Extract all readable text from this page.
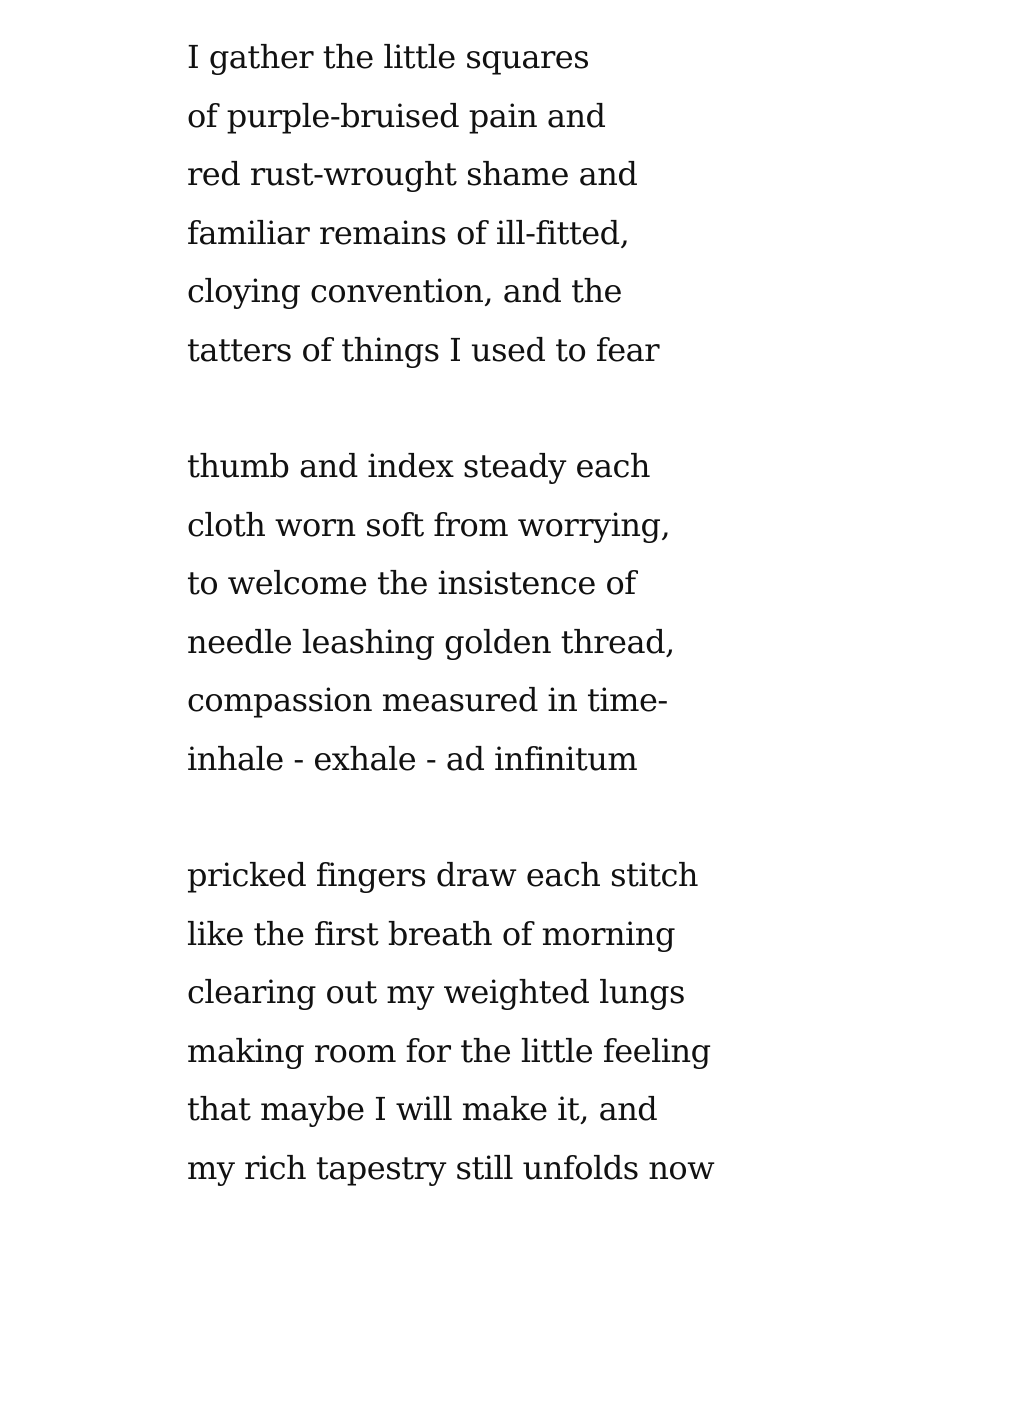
I gather the little squares
of purple-bruised pain and
red rust-wrought shame and
familiar remains of ill-fitted,
cloying convention, and the
tatters of things I used to fear
thumb and index steady each
cloth worn soft from worrying,
to welcome the insistence of
needle leashing golden thread,
compassion measured in time-
inhale - exhale - ad infinitum
pricked fingers draw each stitch
like the first breath of morning
clearing out my weighted lungs
making room for the little feeling
that maybe I will make it, and
my rich tapestry still unfolds now
